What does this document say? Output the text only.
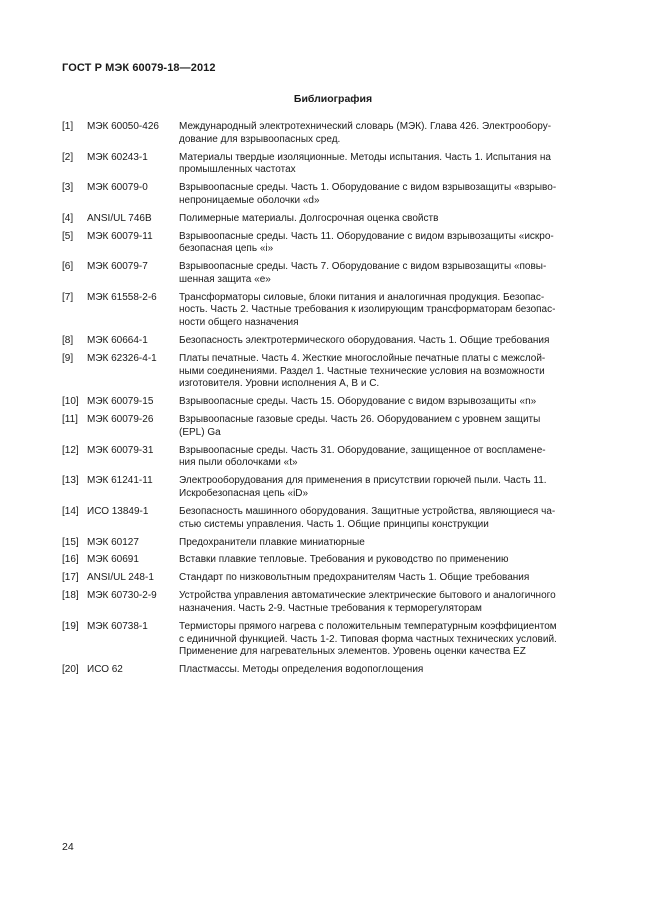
ГОСТ Р МЭК 60079-18—2012
Библиография
[1]	МЭК 60050-426	Международный электротехнический словарь (МЭК). Глава 426. Электрообору-
дование для взрывоопасных сред.
[2]	МЭК 60243-1	Материалы твердые изоляционные. Методы испытания. Часть 1. Испытания на
промышленных частотах
[3]	МЭК 60079-0	Взрывоопасные среды. Часть 1. Оборудование с видом взрывозащиты «взрыво-
непроницаемые оболочки «d»
[4]	ANSI/UL 746B	Полимерные материалы. Долгосрочная оценка свойств
[5]	МЭК 60079-11	Взрывоопасные среды. Часть 11. Оборудование с видом взрывозащиты «искро-
безопасная цепь «i»
[6]	МЭК 60079-7	Взрывоопасные среды. Часть 7. Оборудование с видом взрывозащиты «повы-
шенная защита «е»
[7]	МЭК 61558-2-6	Трансформаторы силовые, блоки питания и аналогичная продукция. Безопас-
ность. Часть 2. Частные требования к изолирующим трансформаторам безопас-
ности общего назначения
[8]	МЭК 60664-1	Безопасность электротермического оборудования. Часть 1. Общие требования
[9]	МЭК 62326-4-1	Платы печатные. Часть 4. Жесткие многослойные печатные платы с межслой-
ными соединениями. Раздел 1. Частные технические условия на возможности
изготовителя. Уровни исполнения А, В и С.
[10] МЭК 60079-15	Взрывоопасные среды. Часть 15. Оборудование с видом взрывозащиты «n»
[11] МЭК 60079-26	Взрывоопасные газовые среды. Часть 26. Оборудованием с уровнем защиты
(EPL) Ga
[12] МЭК 60079-31	Взрывоопасные среды. Часть 31. Оборудование, защищенное от воспламене-
ния пыли оболочками «t»
[13] МЭК 61241-11	Электрооборудования для применения в присутствии горючей пыли. Часть 11.
Искробезопасная цепь «iD»
[14] ИСО 13849-1	Безопасность машинного оборудования. Защитные устройства, являющиеся ча-
стью системы управления. Часть 1. Общие принципы конструкции
[15] МЭК 60127	Предохранители плавкие миниатюрные
[16] МЭК 60691	Вставки плавкие тепловые. Требования и руководство по применению
[17] ANSI/UL 248-1	Стандарт по низковольтным предохранителям Часть 1. Общие требования
[18] МЭК 60730-2-9	Устройства управления автоматические электрические бытового и аналогичного
назначения. Часть 2-9. Частные требования к терморегуляторам
[19] МЭК 60738-1	Термисторы прямого нагрева с положительным температурным коэффициентом
с единичной функцией. Часть 1-2. Типовая форма частных технических условий.
Применение для нагревательных элементов. Уровень оценки качества EZ
[20] ИСО 62	Пластмассы. Методы определения водопоглощения
24
